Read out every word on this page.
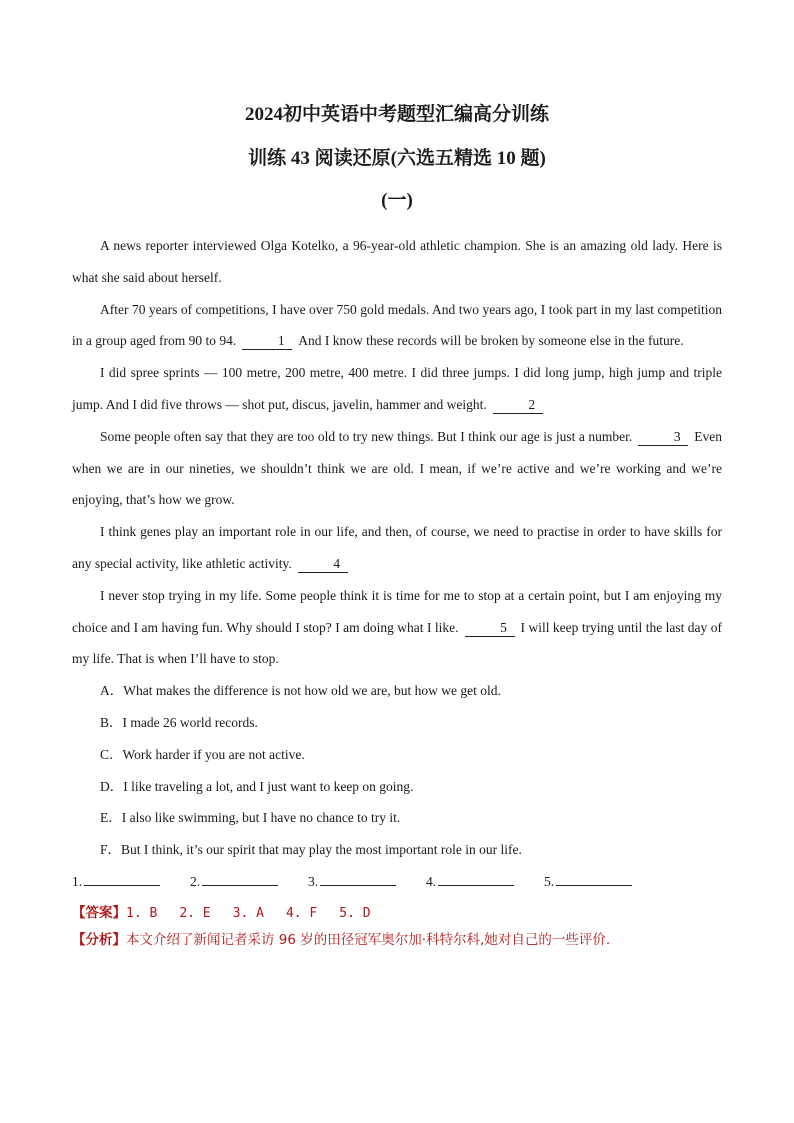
2024初中英语中考题型汇编高分训练
训练 43 阅读还原(六选五精选 10 题)
(一)

A news reporter interviewed Olga Kotelko, a 96-year-old athletic champion. She is an amazing old lady. Here is what she said about herself.

After 70 years of competitions, I have over 750 gold medals. And two years ago, I took part in my last competition in a group aged from 90 to 94.	1 And I know these records will be broken by someone else in the future.

I did spree sprints — 100 metre, 200 metre, 400 metre. I did three jumps. I did long jump, high jump and triple jump. And I did five throws — shot put, discus, javelin, hammer and weight.	2

Some people often say that they are too old to try new things. But I think our age is just a number.	3 Even when we are in our nineties, we shouldn’t think we are old. I mean, if we’re active and we’re working and we’re enjoying, that’s how we grow.

I think genes play an important role in our life, and then, of course, we need to practise in order to have skills for any special activity, like athletic activity.	4

I never stop trying in my life. Some people think it is time for me to stop at a certain point, but I am enjoying my choice and I am having fun. Why should I stop? I am doing what I like.	5 I will keep trying until the last day of my life. That is when I’ll have to stop.

A．What makes the difference is not how old we are, but how we get old.
B．I made 26 world records.
C．Work harder if you are not active.
D．I like traveling a lot, and I just want to keep on going.
E．I also like swimming, but I have no chance to try it.
F．But I think, it’s our spirit that may play the most important role in our life.
1.	2.	3.	4.	5.
【答案】1. B 2. E 3. A 4. F 5. D
【分析】本文介绍了新闻记者采访 96 岁的田径冠军奥尔加·科特尔科,她对自己的一些评价.
